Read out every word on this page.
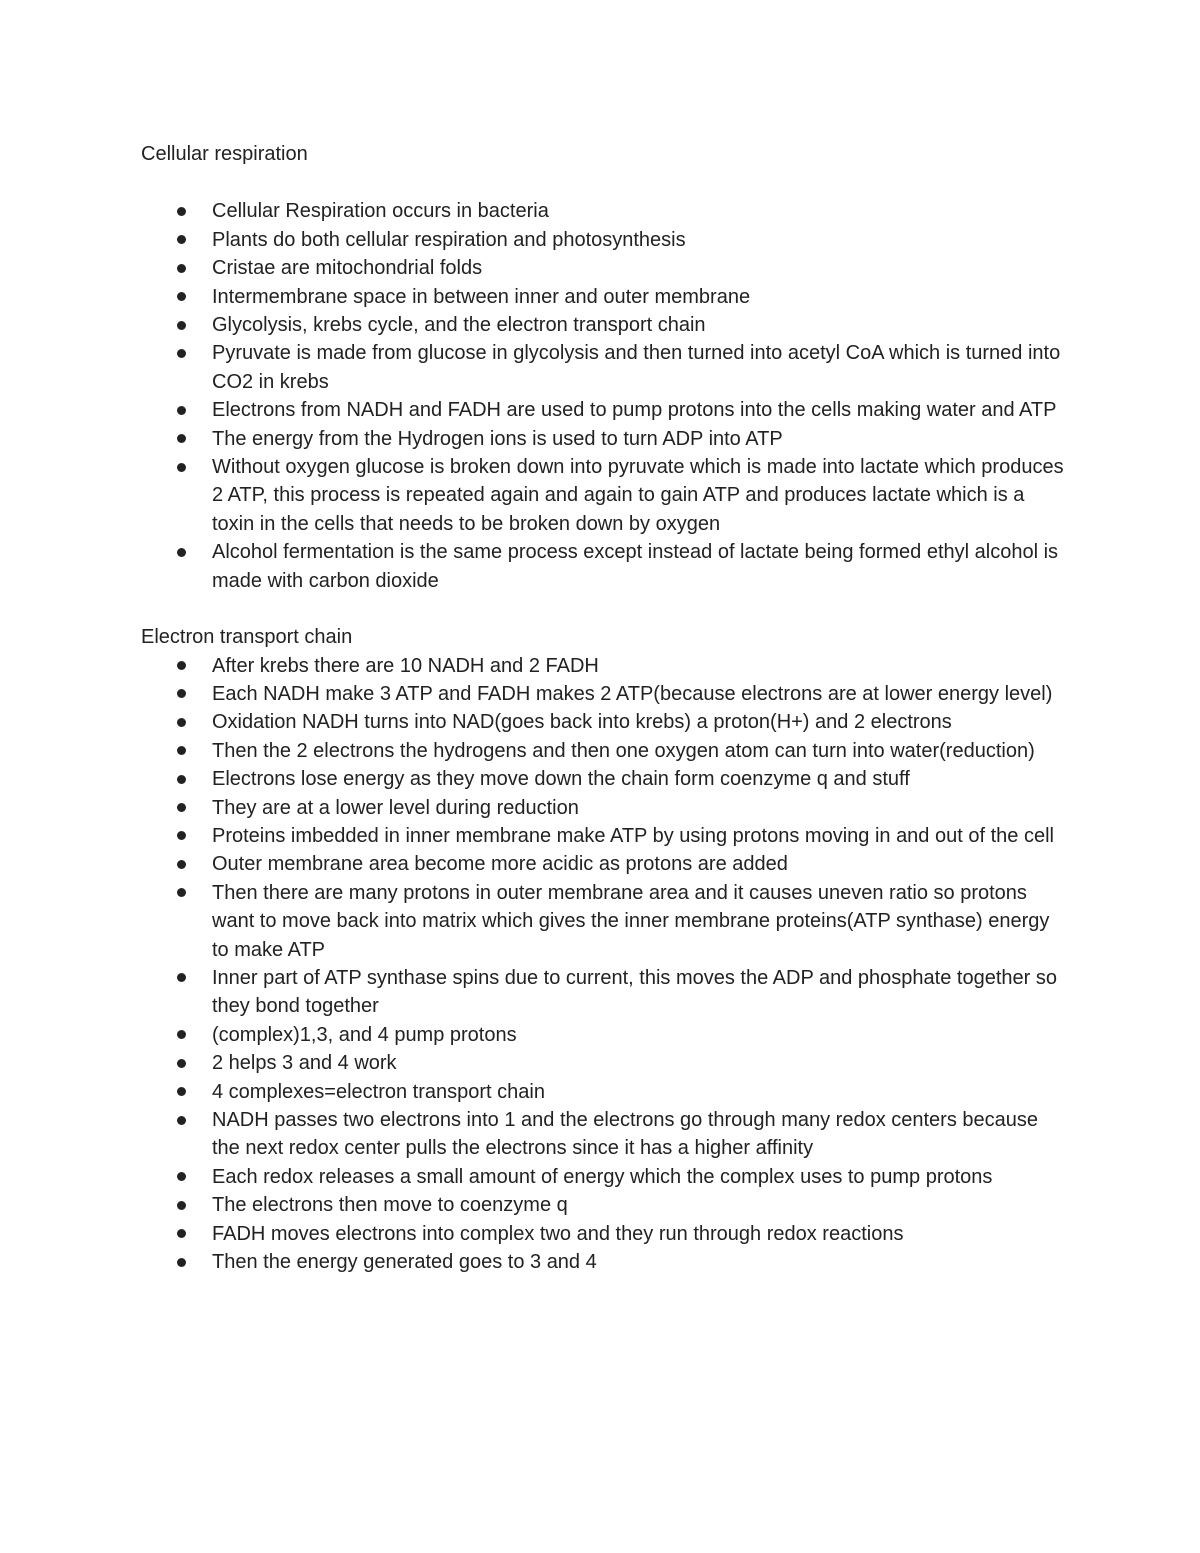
Cellular respiration
Cellular Respiration occurs in bacteria
Plants do both cellular respiration and photosynthesis
Cristae are mitochondrial folds
Intermembrane space in between inner and outer membrane
Glycolysis, krebs cycle, and the electron transport chain
Pyruvate is made from glucose in glycolysis and then turned into acetyl CoA which is turned into CO2 in krebs
Electrons from NADH and FADH are used to pump protons into the cells making water and ATP
The energy from the Hydrogen ions is used to turn ADP into ATP
Without oxygen glucose is broken down into pyruvate which is made into lactate which produces 2 ATP, this process is repeated again and again to gain ATP and produces lactate which is a toxin in the cells that needs to be broken down by oxygen
Alcohol fermentation is the same process except instead of lactate being formed ethyl alcohol is made with carbon dioxide
Electron transport chain
After krebs there are 10 NADH and 2 FADH
Each NADH make 3 ATP and FADH makes 2 ATP(because electrons are at lower energy level)
Oxidation NADH turns into NAD(goes back into krebs) a proton(H+) and 2 electrons
Then the 2 electrons the hydrogens and then one oxygen atom can turn into water(reduction)
Electrons lose energy as they move down the chain form coenzyme q and stuff
They are at a lower level during reduction
Proteins imbedded in inner membrane make ATP by using protons moving in and out of the cell
Outer membrane area become more acidic as protons are added
Then there are many protons in outer membrane area and it causes uneven ratio so protons want to move back into matrix which gives the inner membrane proteins(ATP synthase) energy to make ATP
Inner part of ATP synthase spins due to current, this moves the ADP and phosphate together so they bond together
(complex)1,3, and 4 pump protons
2 helps 3 and 4 work
4 complexes=electron transport chain
NADH passes two electrons into 1 and the electrons go through many redox centers because the next redox center pulls the electrons since it has a higher affinity
Each redox releases a small amount of energy which the complex uses to pump protons
The electrons then move to coenzyme q
FADH moves electrons into complex two and they run through redox reactions
Then the energy generated goes to 3 and 4
